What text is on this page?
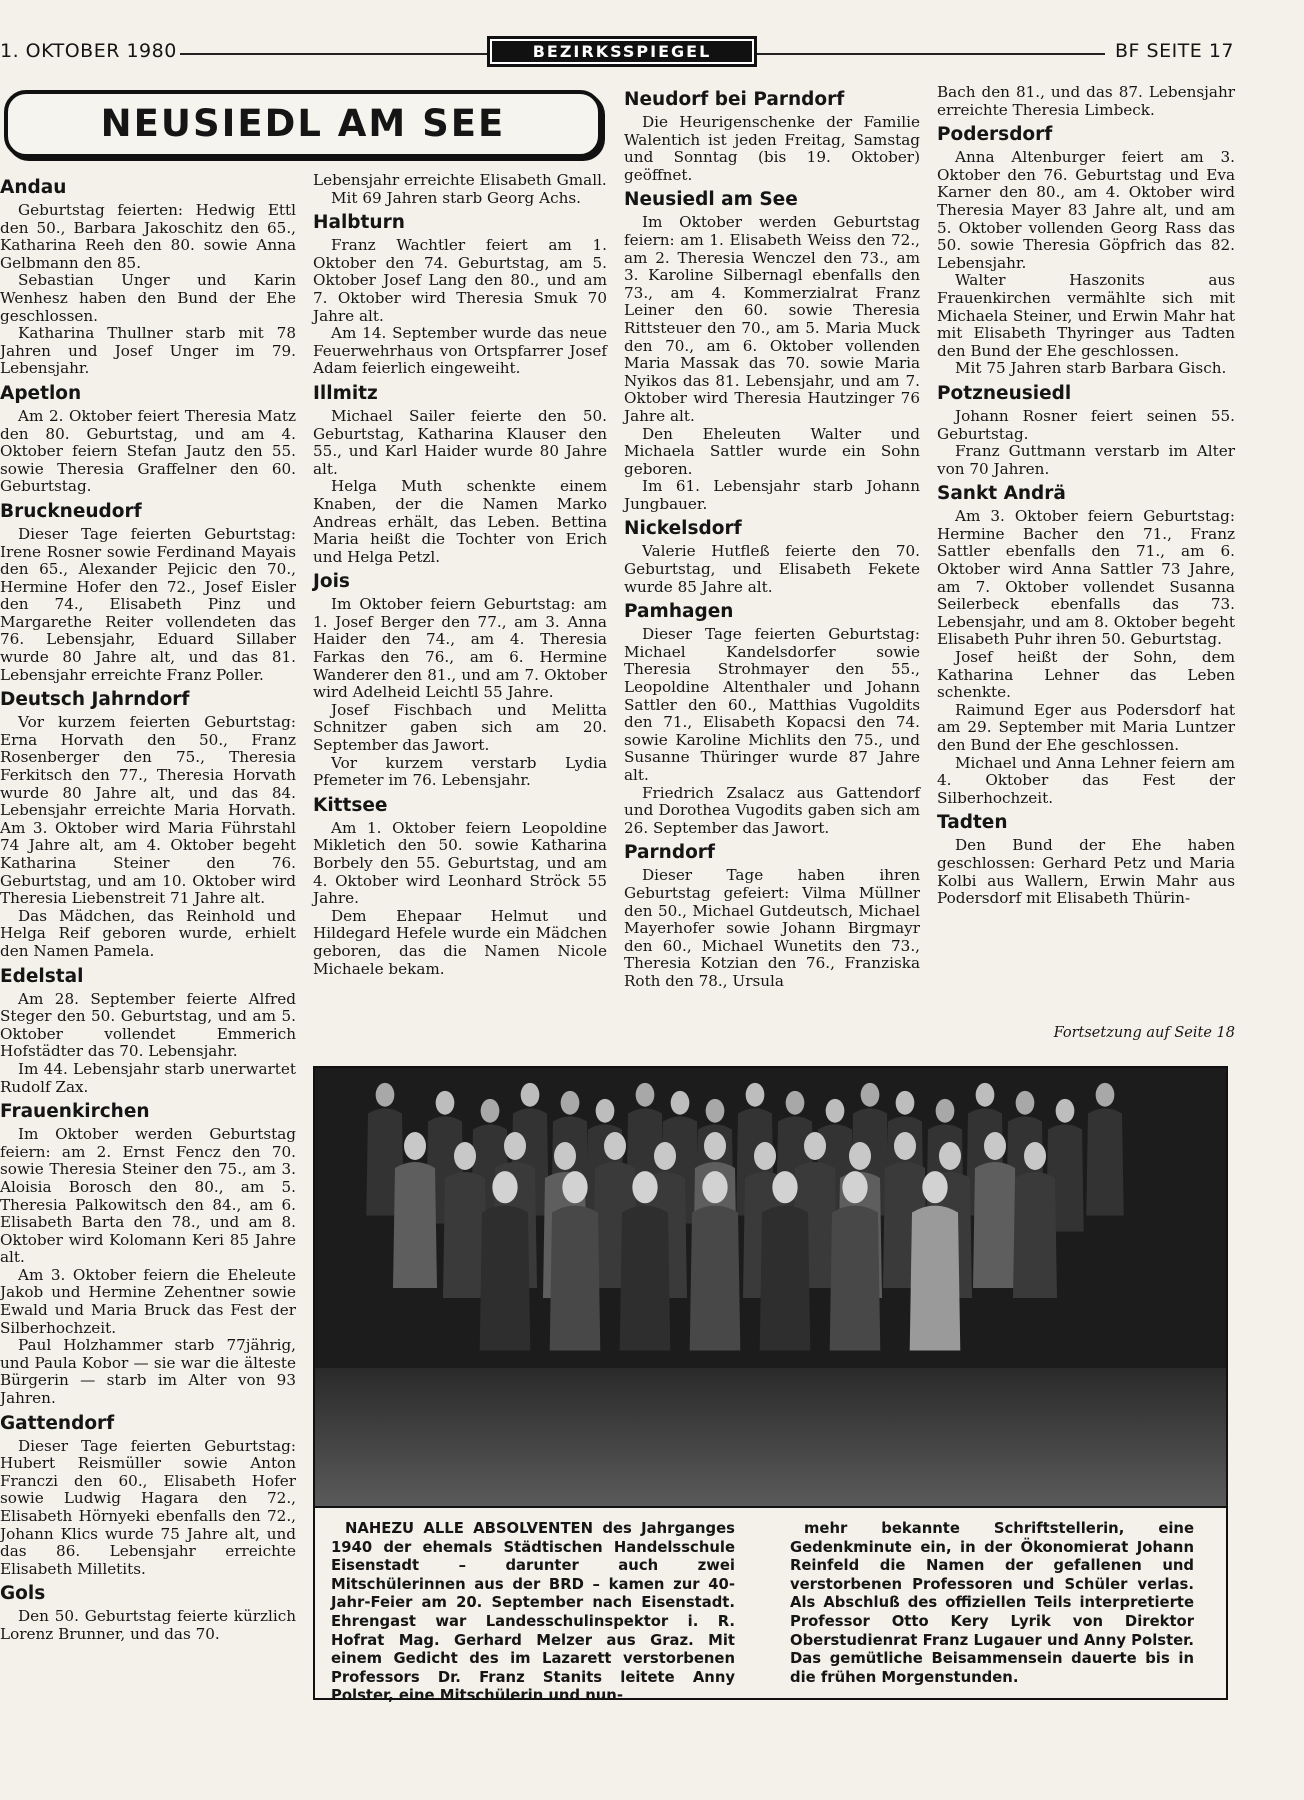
1. OKTOBER 1980	BEZIRKSSPIEGEL	BF SEITE 17
NEUSIEDL AM SEE
Andau

Geburtstag feierten: Hedwig Ettl den 50., Barbara Jakoschitz den 65., Katharina Reeh den 80. sowie Anna Gelbmann den 85.

Sebastian Unger und Karin Wenhesz haben den Bund der Ehe geschlossen.

Katharina Thullner starb mit 78 Jahren und Josef Unger im 79. Lebensjahr.

Apetlon

Am 2. Oktober feiert Theresia Matz den 80. Geburtstag, und am 4. Oktober feiern Stefan Jautz den 55. sowie Theresia Graffelner den 60. Geburtstag.

Bruckneudorf

Dieser Tage feierten Geburtstag: Irene Rosner sowie Ferdinand Mayais den 65., Alexander Pejicic den 70., Hermine Hofer den 72., Josef Eisler den 74., Elisabeth Pinz und Margarethe Reiter vollendeten das 76. Lebensjahr, Eduard Sillaber wurde 80 Jahre alt, und das 81. Lebensjahr erreichte Franz Poller.

Deutsch Jahrndorf

Vor kurzem feierten Geburtstag: Erna Horvath den 50., Franz Rosenberger den 75., Theresia Ferkitsch den 77., Theresia Horvath wurde 80 Jahre alt, und das 84. Lebensjahr erreichte Maria Horvath. Am 3. Oktober wird Maria Führstahl 74 Jahre alt, am 4. Oktober begeht Katharina Steiner den 76. Geburtstag, und am 10. Oktober wird Theresia Liebenstreit 71 Jahre alt.

Das Mädchen, das Reinhold und Helga Reif geboren wurde, erhielt den Namen Pamela.

Edelstal

Am 28. September feierte Alfred Steger den 50. Geburtstag, und am 5. Oktober vollendet Emmerich Hofstädter das 70. Lebensjahr.

Im 44. Lebensjahr starb unerwartet Rudolf Zax.

Frauenkirchen

Im Oktober werden Geburtstag feiern: am 2. Ernst Fencz den 70. sowie Theresia Steiner den 75., am 3. Aloisia Borosch den 80., am 5. Theresia Palkowitsch den 84., am 6. Elisabeth Barta den 78., und am 8. Oktober wird Kolomann Keri 85 Jahre alt.

Am 3. Oktober feiern die Eheleute Jakob und Hermine Zehentner sowie Ewald und Maria Bruck das Fest der Silberhochzeit.

Paul Holzhammer starb 77jährig, und Paula Kobor — sie war die älteste Bürgerin — starb im Alter von 93 Jahren.

Gattendorf

Dieser Tage feierten Geburtstag: Hubert Reismüller sowie Anton Franczi den 60., Elisabeth Hofer sowie Ludwig Hagara den 72., Elisabeth Hörnyeki ebenfalls den 72., Johann Klics wurde 75 Jahre alt, und das 86. Lebensjahr erreichte Elisabeth Milletits.

Gols

Den 50. Geburtstag feierte kürzlich Lorenz Brunner, und das 70.

Lebensjahr erreichte Elisabeth Gmall.

Mit 69 Jahren starb Georg Achs.

Halbturn

Franz Wachtler feiert am 1. Oktober den 74. Geburtstag, am 5. Oktober Josef Lang den 80., und am 7. Oktober wird Theresia Smuk 70 Jahre alt.

Am 14. September wurde das neue Feuerwehrhaus von Ortspfarrer Josef Adam feierlich eingeweiht.

Illmitz

Michael Sailer feierte den 50. Geburtstag, Katharina Klauser den 55., und Karl Haider wurde 80 Jahre alt.

Helga Muth schenkte einem Knaben, der die Namen Marko Andreas erhält, das Leben. Bettina Maria heißt die Tochter von Erich und Helga Petzl.

Jois

Im Oktober feiern Geburtstag: am 1. Josef Berger den 77., am 3. Anna Haider den 74., am 4. Theresia Farkas den 76., am 6. Hermine Wanderer den 81., und am 7. Oktober wird Adelheid Leichtl 55 Jahre.

Josef Fischbach und Melitta Schnitzer gaben sich am 20. September das Jawort.

Vor kurzem verstarb Lydia Pfemeter im 76. Lebensjahr.

Kittsee

Am 1. Oktober feiern Leopoldine Mikletich den 50. sowie Katharina Borbely den 55. Geburtstag, und am 4. Oktober wird Leonhard Ströck 55 Jahre.

Dem Ehepaar Helmut und Hildegard Hefele wurde ein Mädchen geboren, das die Namen Nicole Michaele bekam.

Neudorf bei Parndorf

Die Heurigenschenke der Familie Walentich ist jeden Freitag, Samstag und Sonntag (bis 19. Oktober) geöffnet.

Neusiedl am See

Im Oktober werden Geburtstag feiern: am 1. Elisabeth Weiss den 72., am 2. Theresia Wenczel den 73., am 3. Karoline Silbernagl ebenfalls den 73., am 4. Kommerzialrat Franz Leiner den 60. sowie Theresia Rittsteuer den 70., am 5. Maria Muck den 70., am 6. Oktober vollenden Maria Massak das 70. sowie Maria Nyikos das 81. Lebensjahr, und am 7. Oktober wird Theresia Hautzinger 76 Jahre alt.

Den Eheleuten Walter und Michaela Sattler wurde ein Sohn geboren.

Im 61. Lebensjahr starb Johann Jungbauer.

Nickelsdorf

Valerie Hutfleß feierte den 70. Geburtstag, und Elisabeth Fekete wurde 85 Jahre alt.

Pamhagen

Dieser Tage feierten Geburtstag: Michael Kandelsdorfer sowie Theresia Strohmayer den 55., Leopoldine Altenthaler und Johann Sattler den 60., Matthias Vugoldits den 71., Elisabeth Kopacsi den 74. sowie Karoline Michlits den 75., und Susanne Thüringer wurde 87 Jahre alt.

Friedrich Zsalacz aus Gattendorf und Dorothea Vugodits gaben sich am 26. September das Jawort.

Parndorf

Dieser Tage haben ihren Geburtstag gefeiert: Vilma Müllner den 50., Michael Gutdeutsch, Michael Mayerhofer sowie Johann Birgmayr den 60., Michael Wunetits den 73., Theresia Kotzian den 76., Franziska Roth den 78., Ursula

Bach den 81., und das 87. Lebensjahr erreichte Theresia Limbeck.

Podersdorf

Anna Altenburger feiert am 3. Oktober den 76. Geburtstag und Eva Karner den 80., am 4. Oktober wird Theresia Mayer 83 Jahre alt, und am 5. Oktober vollenden Georg Rass das 50. sowie Theresia Göpfrich das 82. Lebensjahr.

Walter Haszonits aus Frauenkirchen vermählte sich mit Michaela Steiner, und Erwin Mahr hat mit Elisabeth Thyringer aus Tadten den Bund der Ehe geschlossen.

Mit 75 Jahren starb Barbara Gisch.

Potzneusiedl

Johann Rosner feiert seinen 55. Geburtstag.

Franz Guttmann verstarb im Alter von 70 Jahren.

Sankt Andrä

Am 3. Oktober feiern Geburtstag: Hermine Bacher den 71., Franz Sattler ebenfalls den 71., am 6. Oktober wird Anna Sattler 73 Jahre, am 7. Oktober vollendet Susanna Seilerbeck ebenfalls das 73. Lebensjahr, und am 8. Oktober begeht Elisabeth Puhr ihren 50. Geburtstag.

Josef heißt der Sohn, dem Katharina Lehner das Leben schenkte.

Raimund Eger aus Podersdorf hat am 29. September mit Maria Luntzer den Bund der Ehe geschlossen.

Michael und Anna Lehner feiern am 4. Oktober das Fest der Silberhochzeit.

Tadten

Den Bund der Ehe haben geschlossen: Gerhard Petz und Maria Kolbi aus Wallern, Erwin Mahr aus Podersdorf mit Elisabeth Thürin-

Fortsetzung auf Seite 18

NAHEZU ALLE ABSOLVENTEN des Jahrganges 1940 der ehemals Städtischen Handelsschule Eisenstadt – darunter auch zwei Mitschülerinnen aus der BRD – kamen zur 40-Jahr-Feier am 20. September nach Eisenstadt. Ehrengast war Landesschulinspektor i. R. Hofrat Mag. Gerhard Melzer aus Graz. Mit einem Gedicht des im Lazarett verstorbenen Professors Dr. Franz Stanits leitete Anny Polster, eine Mitschülerin und nun-

mehr bekannte Schriftstellerin, eine Gedenkminute ein, in der Ökonomierat Johann Reinfeld die Namen der gefallenen und verstorbenen Professoren und Schüler verlas. Als Abschluß des offiziellen Teils interpretierte Professor Otto Kery Lyrik von Direktor Oberstudienrat Franz Lugauer und Anny Polster. Das gemütliche Beisammensein dauerte bis in die frühen Morgenstunden.
